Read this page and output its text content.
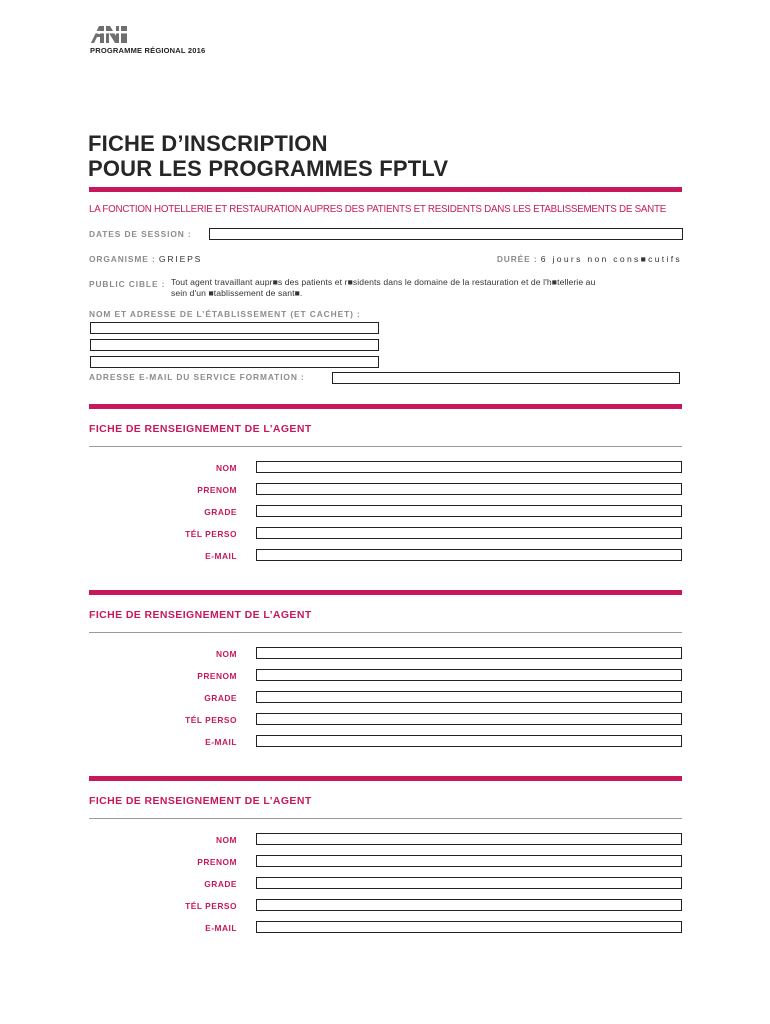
PROGRAMME RÉGIONAL 2016
FICHE D’INSCRIPTION
POUR LES PROGRAMMES FPTLV
LA FONCTION HOTELLERIE ET RESTAURATION AUPRES DES PATIENTS ET RESIDENTS DANS LES ETABLISSEMENTS DE SANTE
DATES DE SESSION :
ORGANISME : GRIEPS	DURÉE : 6 jours non cons■cutifs
PUBLIC CIBLE : Tout agent travaillant aupr■s des patients et r■sidents dans le domaine de la restauration et de l'h■tellerie au
sein d'un ■tablissement de sant■.
NOM ET ADRESSE DE L’ÉTABLISSEMENT (ET CACHET) :
ADRESSE E-MAIL DU SERVICE FORMATION :
FICHE DE RENSEIGNEMENT DE L’AGENT
NOM
PRENOM
GRADE
TÉL PERSO
E-MAIL
FICHE DE RENSEIGNEMENT DE L’AGENT
NOM
PRENOM
GRADE
TÉL PERSO
E-MAIL
FICHE DE RENSEIGNEMENT DE L’AGENT
NOM
PRENOM
GRADE
TÉL PERSO
E-MAIL
